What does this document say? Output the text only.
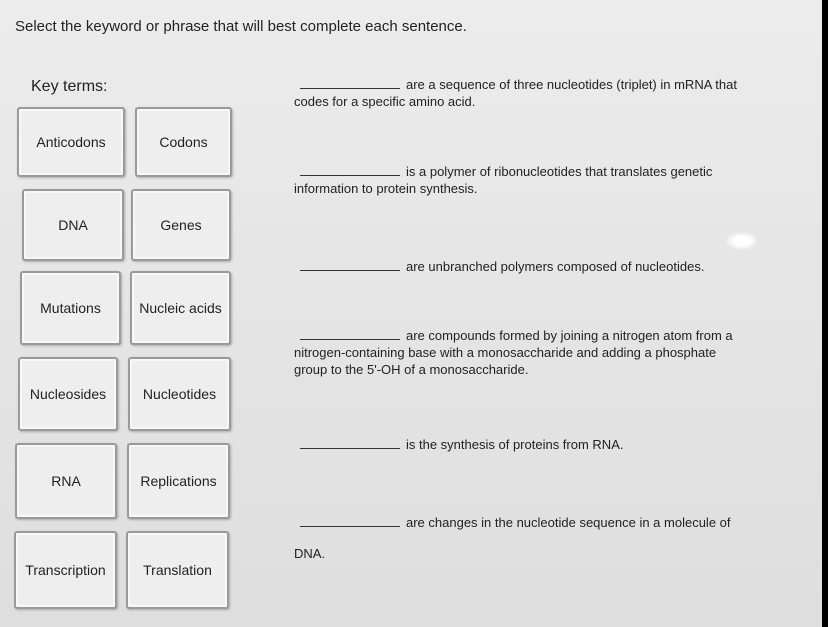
Select the keyword or phrase that will best complete each sentence.
Key terms:
Anticodons	Codons
DNA	Genes
Mutations	Nucleic acids
Nucleosides	Nucleotides
RNA	Replications
Transcription	Translation
are a sequence of three nucleotides (triplet) in mRNA that
codes for a specific amino acid.
is a polymer of ribonucleotides that translates genetic
information to protein synthesis.
are unbranched polymers composed of nucleotides.
are compounds formed by joining a nitrogen atom from a
nitrogen-containing base with a monosaccharide and adding a phosphate
group to the 5'-OH of a monosaccharide.
is the synthesis of proteins from RNA.
are changes in the nucleotide sequence in a molecule of
DNA.
